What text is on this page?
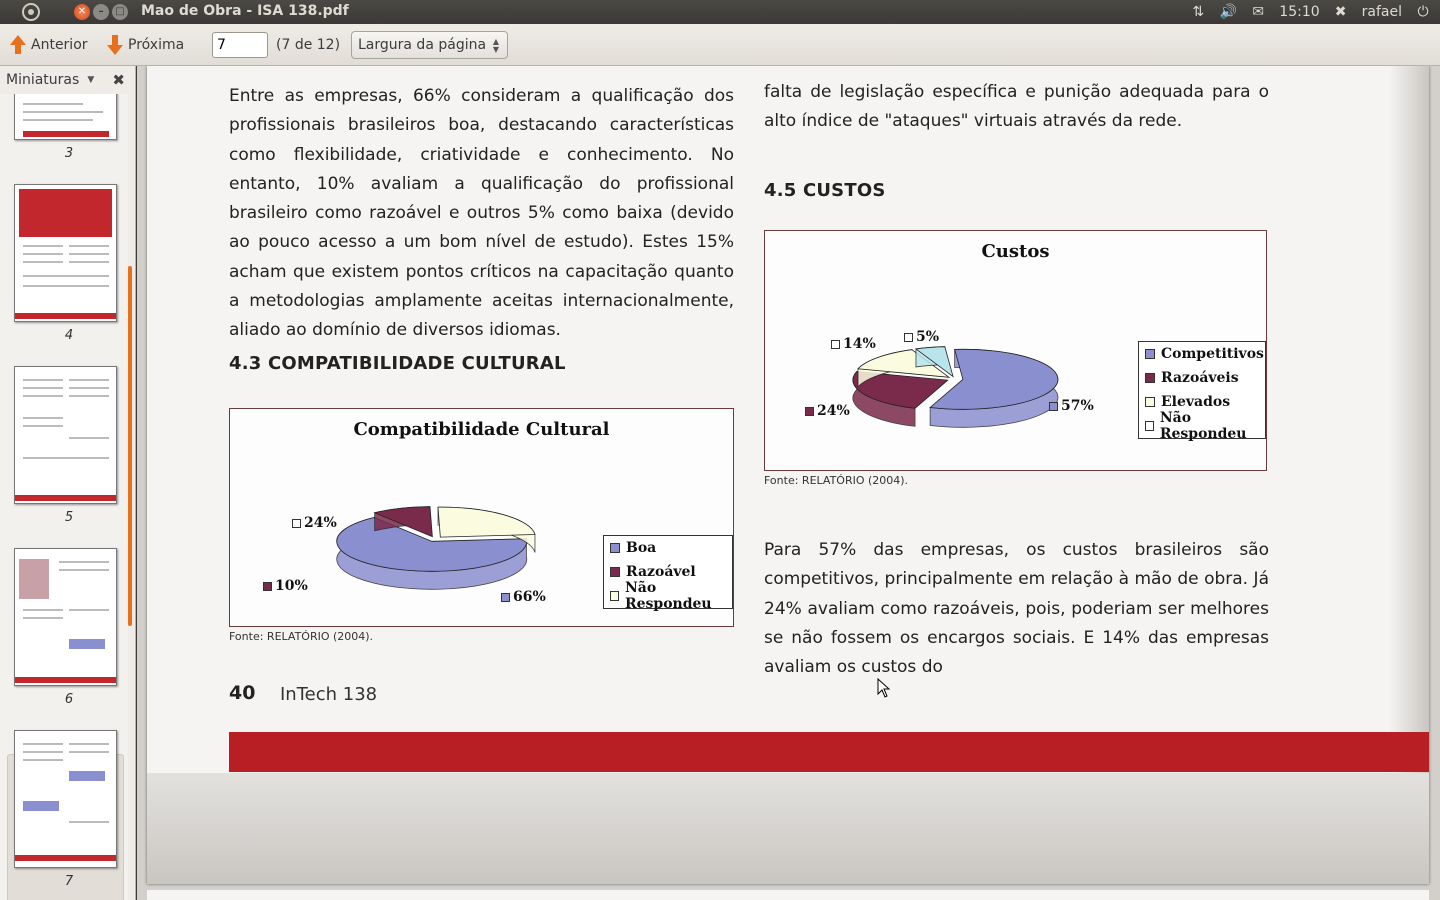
✕	–	□ Mao de Obra - ISA 138.pdf	⇅ 🔊 ✉ 15:10 ✖ rafael ⏻
Anterior	Próxima
7	(7 de 12)	Largura da página ▲
▼
Miniaturas ▼ ✖
3
4
5
6
7
falta de legislação específica e punição adequada para o alto índice de "ataques" virtuais através da rede.
Entre as empresas, 66% consideram a qualificação dos profissionais brasileiros boa, destacando características como flexibilidade, criatividade e conhecimento. No entanto, 10% avaliam a qualificação do profissional brasileiro como razoável e outros 5% como baixa (devido ao pouco acesso a um bom nível de estudo). Estes 15% acham que existem pontos críticos na capacitação quanto a metodologias amplamente aceitas internacionalmente, aliado ao domínio de diversos idiomas.
4.3 COMPATIBILIDADE CULTURAL
Compatibilidade Cultural
24%
10%
66%
Boa
Razoável
Não Respondeu
Fonte: RELATÓRIO (2004).
4.5 CUSTOS
Custos
14%	5%
24%	57%
Competitivos
Razoáveis
Elevados
Não Respondeu
Fonte: RELATÓRIO (2004).
Para 57% das empresas, os custos brasileiros são competitivos, principalmente em relação à mão de obra. Já 24% avaliam como razoáveis, pois, poderiam ser melhores se não fossem os encargos sociais. E 14% das empresas avaliam os custos do
40 InTech 138
